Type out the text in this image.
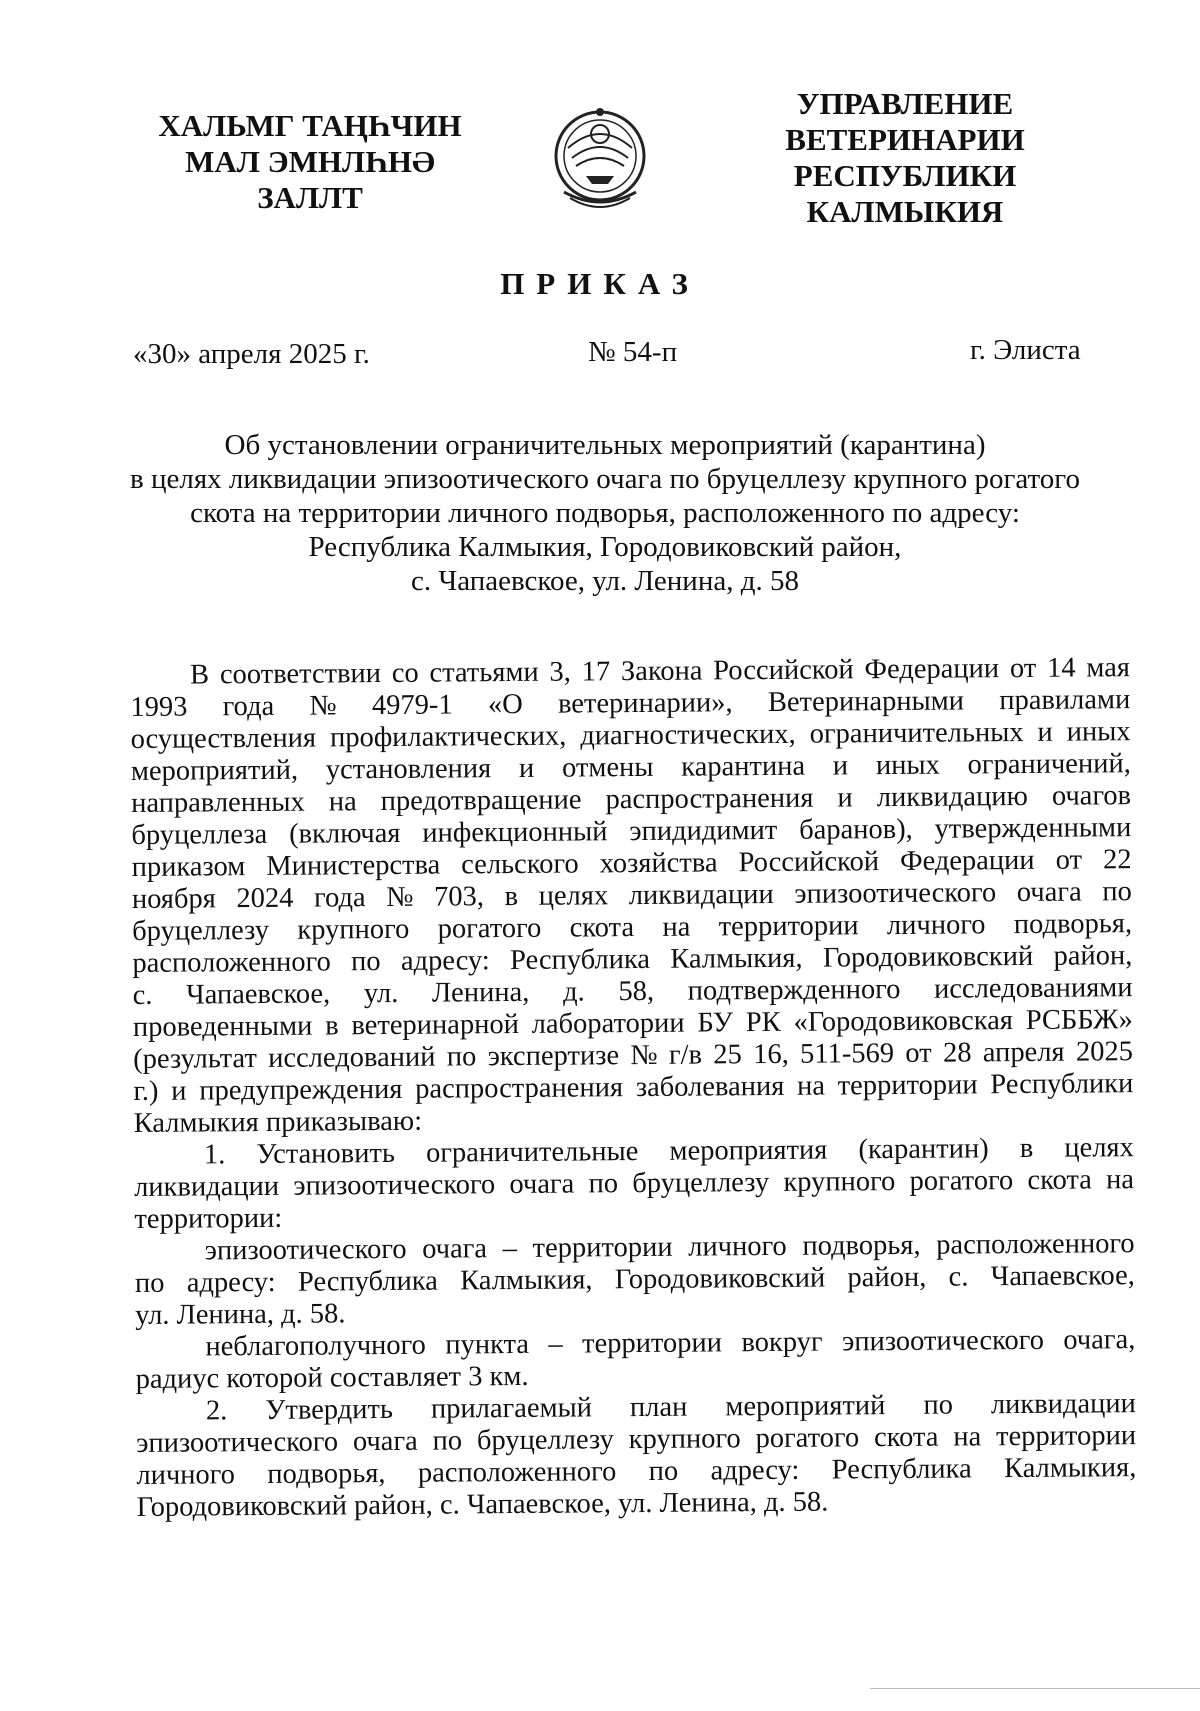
ХАЛЬМГ ТАҢҺЧИН
МАЛ ЭМНЛҺНӘ
ЗАЛЛТ
УПРАВЛЕНИЕ
ВЕТЕРИНАРИИ
РЕСПУБЛИКИ
КАЛМЫКИЯ
ПРИКАЗ
«30» апреля 2025 г.	№ 54-п	г. Элиста
Об установлении ограничительных мероприятий (карантина)
в целях ликвидации эпизоотического очага по бруцеллезу крупного рогатого
скота на территории личного подворья, расположенного по адресу:
Республика Калмыкия, Городовиковский район,
с. Чапаевское, ул. Ленина, д. 58
В соответствии со статьями 3, 17 Закона Российской Федерации от 14 мая
1993 года № 4979-1 «О ветеринарии», Ветеринарными правилами
осуществления профилактических, диагностических, ограничительных и иных
мероприятий, установления и отмены карантина и иных ограничений,
направленных на предотвращение распространения и ликвидацию очагов
бруцеллеза (включая инфекционный эпидидимит баранов), утвержденными
приказом Министерства сельского хозяйства Российской Федерации от 22
ноября 2024 года № 703, в целях ликвидации эпизоотического очага по
бруцеллезу крупного рогатого скота на территории личного подворья,
расположенного по адресу: Республика Калмыкия, Городовиковский район,
с. Чапаевское, ул. Ленина, д. 58, подтвержденного исследованиями
проведенными в ветеринарной лаборатории БУ РК «Городовиковская РСББЖ»
(результат исследований по экспертизе № г/в 25 16, 511-569 от 28 апреля 2025
г.) и предупреждения распространения заболевания на территории Республики
Калмыкия приказываю:
1. Установить ограничительные мероприятия (карантин) в целях
ликвидации эпизоотического очага по бруцеллезу крупного рогатого скота на
территории:
эпизоотического очага – территории личного подворья, расположенного
по адресу: Республика Калмыкия, Городовиковский район, с. Чапаевское,
ул. Ленина, д. 58.
неблагополучного пункта – территории вокруг эпизоотического очага,
радиус которой составляет 3 км.
2. Утвердить прилагаемый план мероприятий по ликвидации
эпизоотического очага по бруцеллезу крупного рогатого скота на территории
личного подворья, расположенного по адресу: Республика Калмыкия,
Городовиковский район, с. Чапаевское, ул. Ленина, д. 58.
